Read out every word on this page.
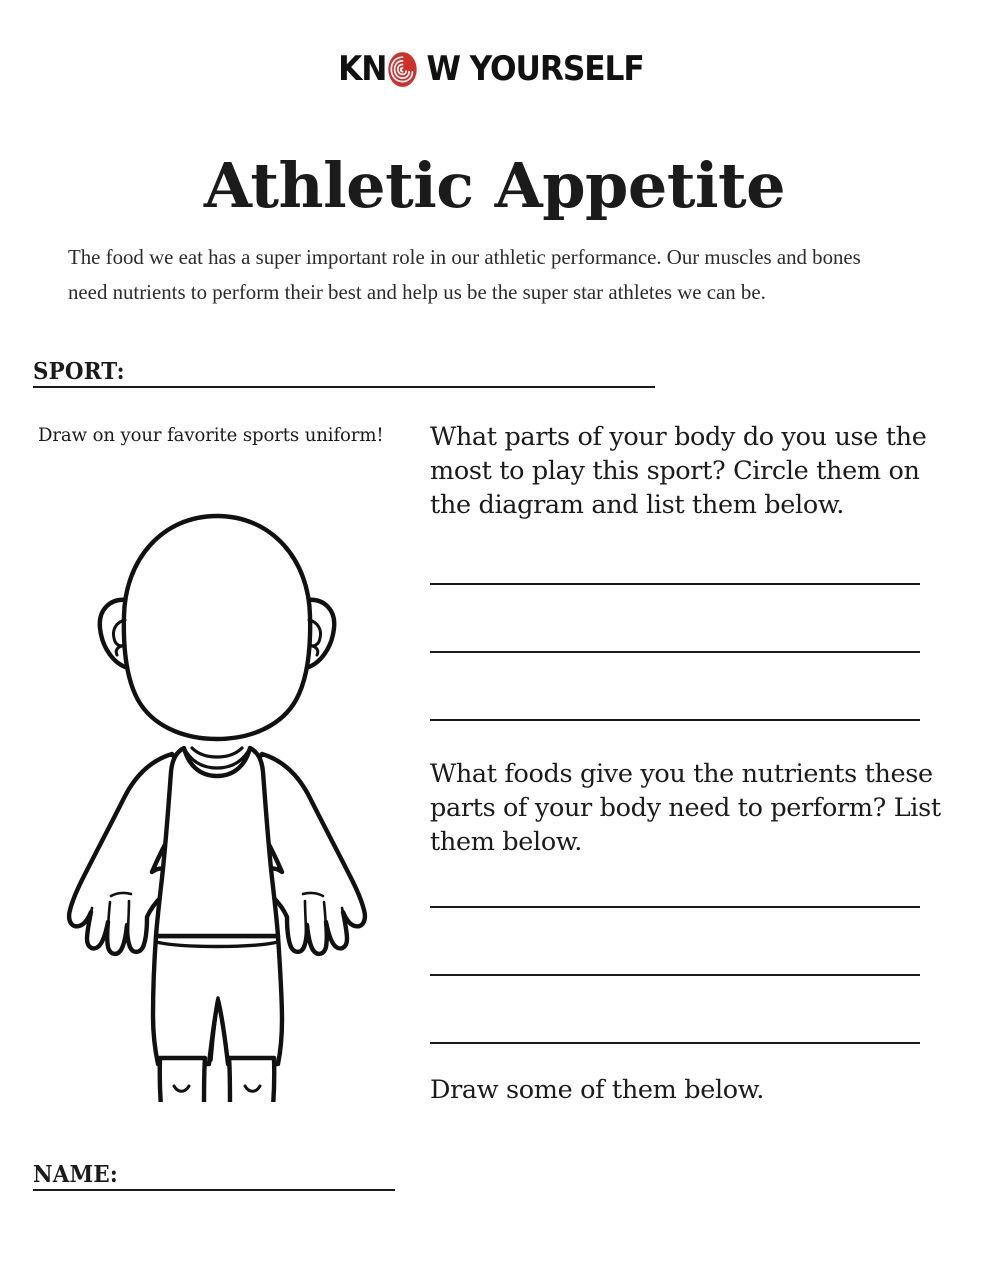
KN W YOURSELF
Athletic Appetite

The food we eat has a super important role in our athletic performance. Our muscles and bones need nutrients to perform their best and help us be the super star athletes we can be.

SPORT:
Draw on your favorite sports uniform!	What parts of your body do you use the most to play this sport? Circle them on the diagram and list them below.
What foods give you the nutrients these parts of your body need to perform? List them below.
Draw some of them below.
NAME:
